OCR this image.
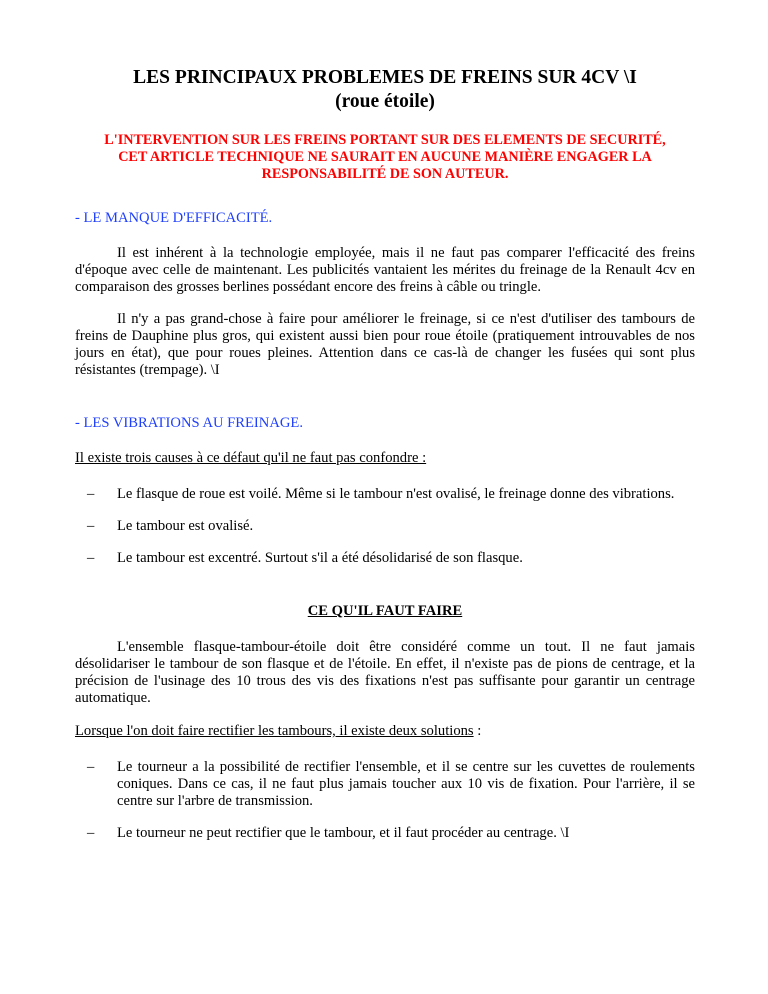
LES PRINCIPAUX PROBLEMES DE FREINS SUR 4CV \I
(roue étoile)
L'INTERVENTION SUR LES FREINS PORTANT SUR DES ELEMENTS DE SECURITÉ,
CET ARTICLE TECHNIQUE NE SAURAIT EN AUCUNE MANIÈRE ENGAGER LA
RESPONSABILITÉ DE SON AUTEUR.
- LE MANQUE D'EFFICACITÉ.

Il est inhérent à la technologie employée, mais il ne faut pas comparer l'efficacité des freins d'époque avec celle de maintenant. Les publicités vantaient les mérites du freinage de la Renault 4cv en comparaison des grosses berlines possédant encore des freins à câble ou tringle.

Il n'y a pas grand-chose à faire pour améliorer le freinage, si ce n'est d'utiliser des tambours de freins de Dauphine plus gros, qui existent aussi bien pour roue étoile (pratiquement introuvables de nos jours en état), que pour roues pleines. Attention dans ce cas-là de changer les fusées qui sont plus résistantes (trempage). \I

- LES VIBRATIONS AU FREINAGE.

Il existe trois causes à ce défaut qu'il ne faut pas confondre :

– Le flasque de roue est voilé. Même si le tambour n'est ovalisé, le freinage donne des vibrations.
– Le tambour est ovalisé.
– Le tambour est excentré. Surtout s'il a été désolidarisé de son flasque.
CE QU'IL FAUT FAIRE

L'ensemble flasque-tambour-étoile doit être considéré comme un tout. Il ne faut jamais désolidariser le tambour de son flasque et de l'étoile. En effet, il n'existe pas de pions de centrage, et la précision de l'usinage des 10 trous des vis des fixations n'est pas suffisante pour garantir un centrage automatique.

Lorsque l'on doit faire rectifier les tambours, il existe deux solutions :

– Le tourneur a la possibilité de rectifier l'ensemble, et il se centre sur les cuvettes de roulements coniques. Dans ce cas, il ne faut plus jamais toucher aux 10 vis de fixation. Pour l'arrière, il se centre sur l'arbre de transmission.
– Le tourneur ne peut rectifier que le tambour, et il faut procéder au centrage. \I
